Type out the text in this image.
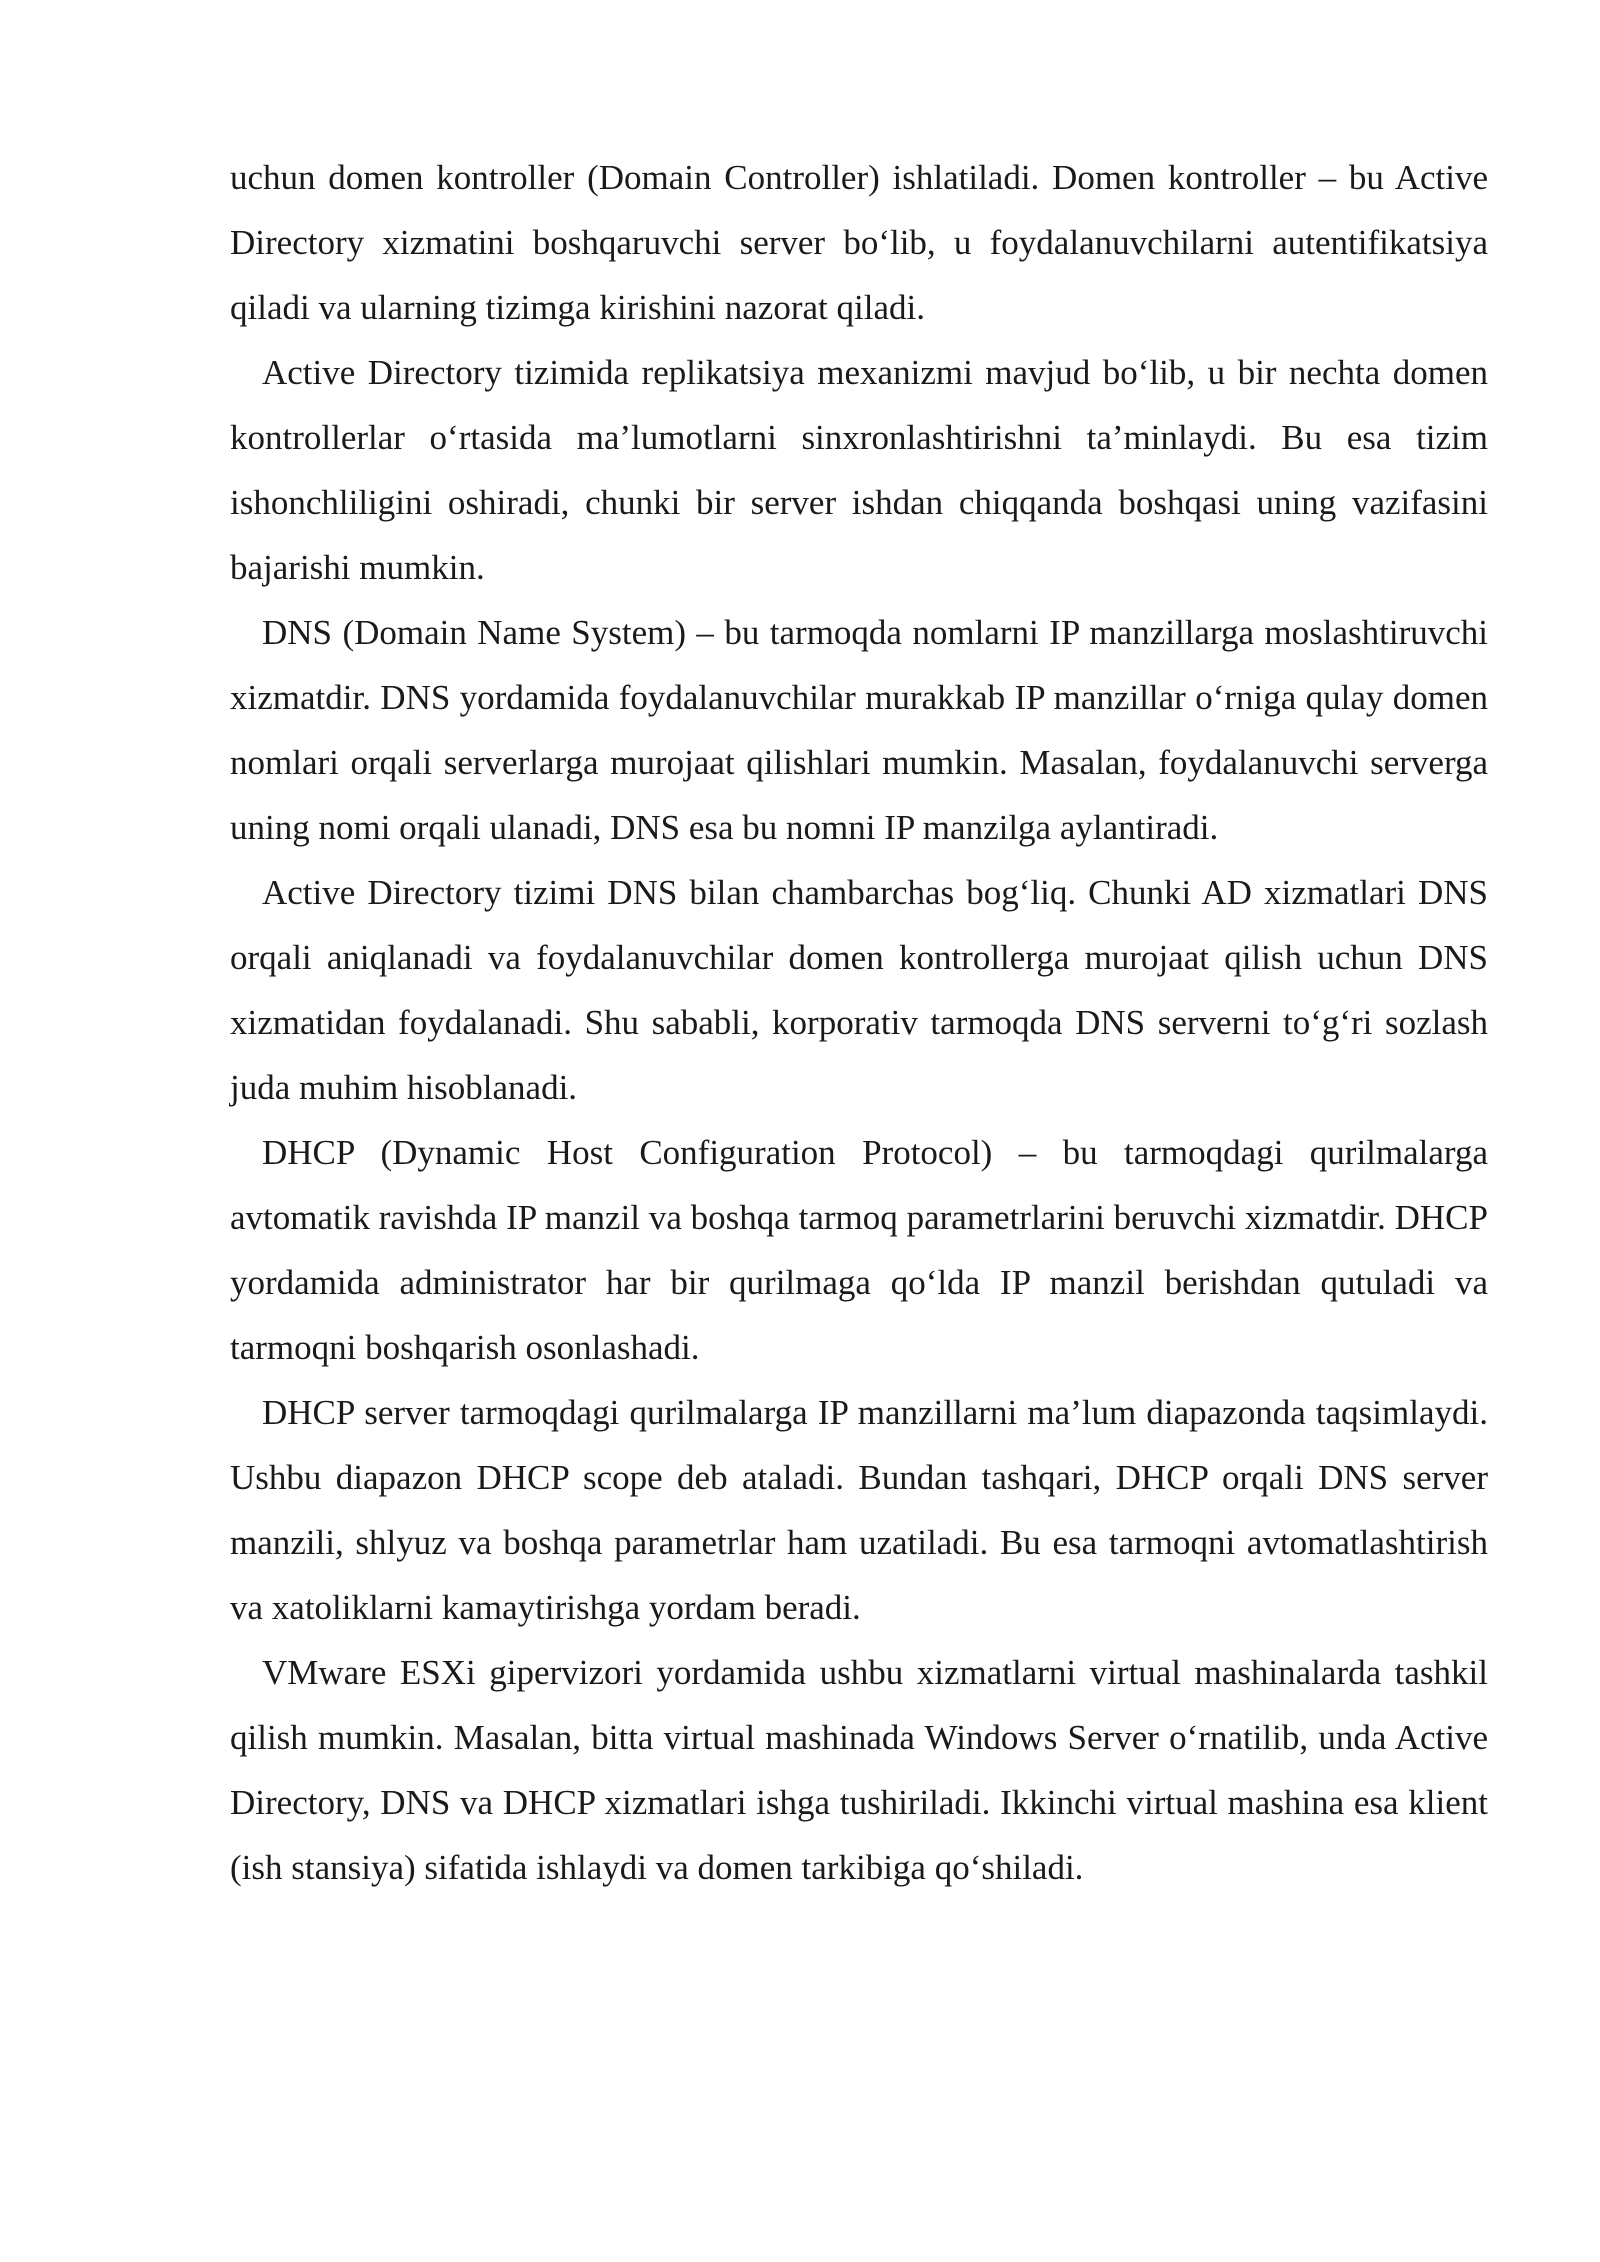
uchun domen kontroller (Domain Controller) ishlatiladi. Domen kontroller – bu Active Directory xizmatini boshqaruvchi server bo‘lib, u foydalanuvchilarni autentifikatsiya qiladi va ularning tizimga kirishini nazorat qiladi.

Active Directory tizimida replikatsiya mexanizmi mavjud bo‘lib, u bir nechta domen kontrollerlar o‘rtasida ma’lumotlarni sinxronlashtirishni ta’minlaydi. Bu esa tizim ishonchliligini oshiradi, chunki bir server ishdan chiqqanda boshqasi uning vazifasini bajarishi mumkin.

DNS (Domain Name System) – bu tarmoqda nomlarni IP manzillarga moslashtiruvchi xizmatdir. DNS yordamida foydalanuvchilar murakkab IP manzillar o‘rniga qulay domen nomlari orqali serverlarga murojaat qilishlari mumkin. Masalan, foydalanuvchi serverga uning nomi orqali ulanadi, DNS esa bu nomni IP manzilga aylantiradi.

Active Directory tizimi DNS bilan chambarchas bog‘liq. Chunki AD xizmatlari DNS orqali aniqlanadi va foydalanuvchilar domen kontrollerga murojaat qilish uchun DNS xizmatidan foydalanadi. Shu sababli, korporativ tarmoqda DNS serverni to‘g‘ri sozlash juda muhim hisoblanadi.

DHCP (Dynamic Host Configuration Protocol) – bu tarmoqdagi qurilmalarga avtomatik ravishda IP manzil va boshqa tarmoq parametrlarini beruvchi xizmatdir. DHCP yordamida administrator har bir qurilmaga qo‘lda IP manzil berishdan qutuladi va tarmoqni boshqarish osonlashadi.

DHCP server tarmoqdagi qurilmalarga IP manzillarni ma’lum diapazonda taqsimlaydi. Ushbu diapazon DHCP scope deb ataladi. Bundan tashqari, DHCP orqali DNS server manzili, shlyuz va boshqa parametrlar ham uzatiladi. Bu esa tarmoqni avtomatlashtirish va xatoliklarni kamaytirishga yordam beradi.

VMware ESXi gipervizori yordamida ushbu xizmatlarni virtual mashinalarda tashkil qilish mumkin. Masalan, bitta virtual mashinada Windows Server o‘rnatilib, unda Active Directory, DNS va DHCP xizmatlari ishga tushiriladi. Ikkinchi virtual mashina esa klient (ish stansiya) sifatida ishlaydi va domen tarkibiga qo‘shiladi.
